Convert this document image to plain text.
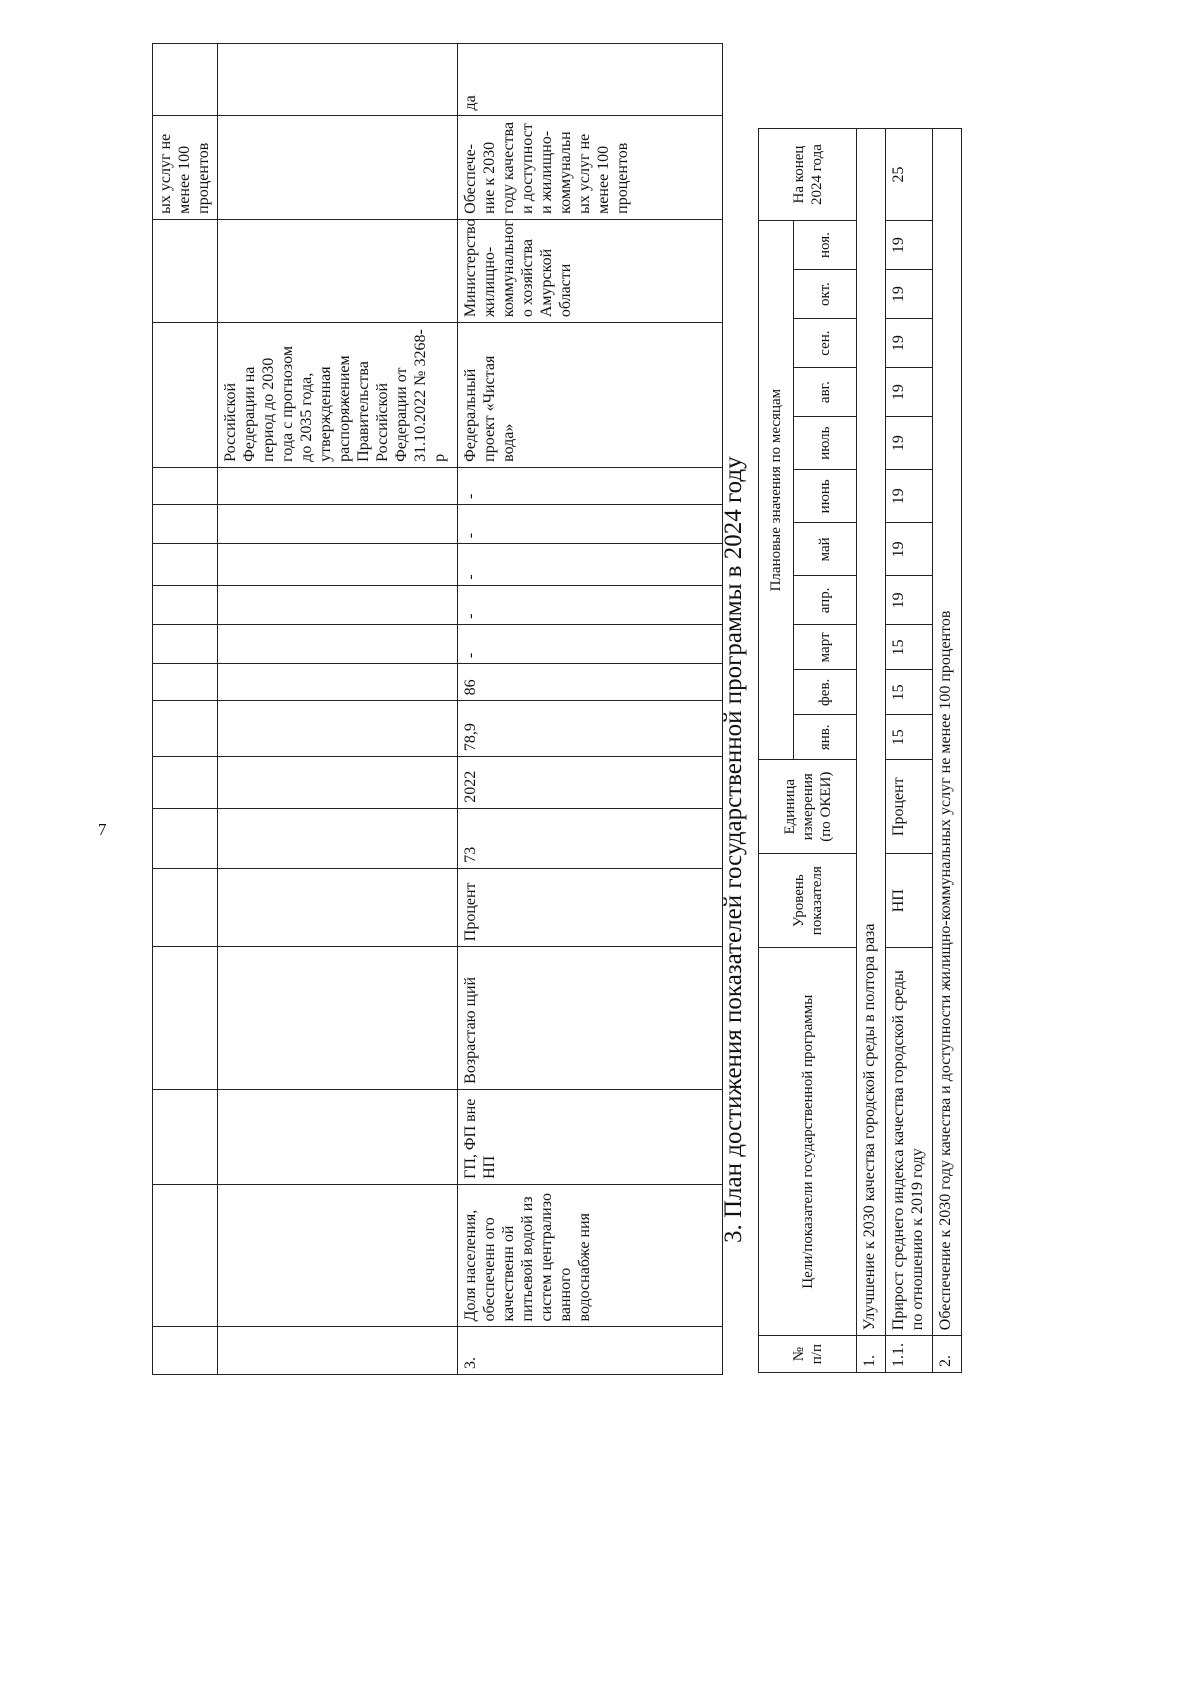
7
																ых услуг не менее 100 процентов	
														Российской Федерации на период до 2030 года с прогнозом до 2035 года, утвержденная распоряжением Правительства Российской Федерации от 31.10.2022 № 3268-р			
3.	Доля населения, обеспеченн ого качественн ой питьевой водой из систем централизо ванного водоснабже ния	ГП, ФП вне НП	Возрастаю щий	Процент	73	2022	78,9	86	-	-	-	-	-	Федеральный проект «Чистая вода»	Министерство жилищно- коммунальног о хозяйства Амурской области	Обеспече- ние к 2030 году качества и доступност и жилищно- коммунальн ых услуг не менее 100 процентов	да
3. План достижения показателей государственной программы в 2024 году
№ п/п	Цели/показатели государственной программы	Уровень показателя	Единица измерения (по ОКЕИ)	Плановые значения по месяцам											На конец 2024 года
				янв.	фев.	март	апр.	май	июнь	июль	авг.	сен.	окт.	ноя.	
1.	Улучшение к 2030 качества городской среды в полтора раза														
1.1.	Прирост среднего индекса качества городской среды по отношению к 2019 году	НП	Процент	15	15	15	19	19	19	19	19	19	19	19	25
2.	Обеспечение к 2030 году качества и доступности жилищно-коммунальных услуг не менее 100 процентов														
